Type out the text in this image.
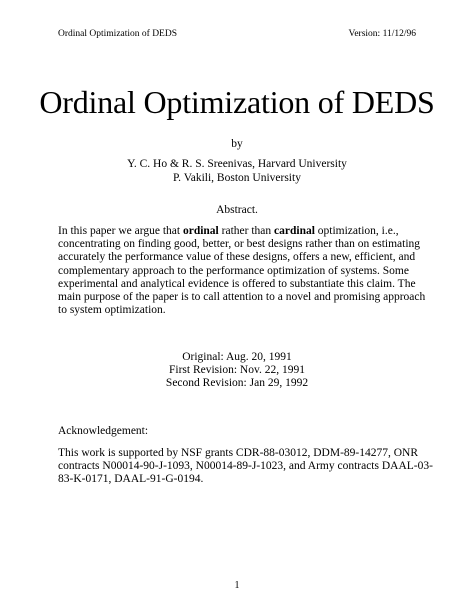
Ordinal Optimization of DEDS	Version: 11/12/96
Ordinal Optimization of DEDS
by
Y. C. Ho & R. S. Sreenivas, Harvard University
P. Vakili, Boston University
Abstract.
In this paper we argue that ordinal rather than cardinal optimization, i.e.,
concentrating on finding good, better, or best designs rather than on estimating
accurately the performance value of these designs, offers a new, efficient, and
complementary approach to the performance optimization of systems. Some
experimental and analytical evidence is offered to substantiate this claim. The
main purpose of the paper is to call attention to a novel and promising approach
to system optimization.
Original: Aug. 20, 1991
First Revision: Nov. 22, 1991
Second Revision: Jan 29, 1992
Acknowledgement:
This work is supported by NSF grants CDR-88-03012, DDM-89-14277, ONR
contracts N00014-90-J-1093, N00014-89-J-1023, and Army contracts DAAL-03-
83-K-0171, DAAL-91-G-0194.
1
